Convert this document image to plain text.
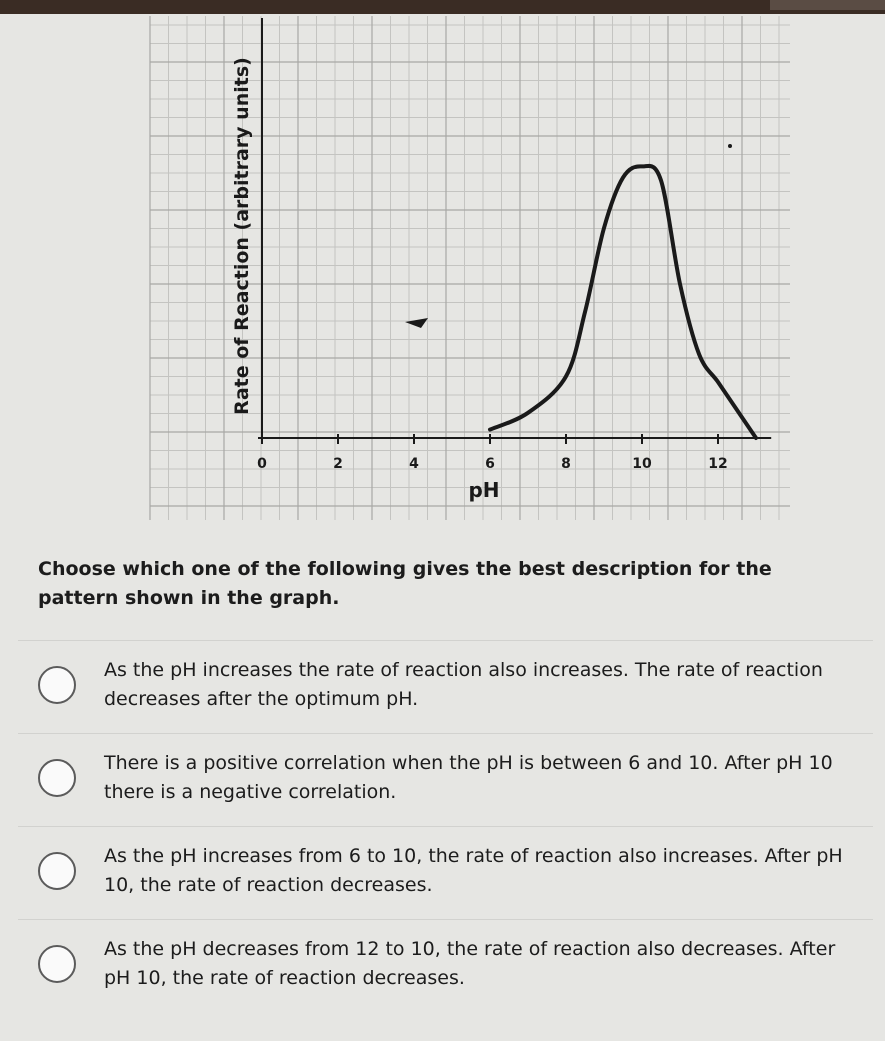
0	2	4	6	8	10	12
pH
Rate of Reaction (arbitrary units)
Choose which one of the following gives the best description for the pattern shown in the graph.
As the pH increases the rate of reaction also increases. The rate of reaction decreases after the optimum pH.
There is a positive correlation when the pH is between 6 and 10. After pH 10 there is a negative correlation.
As the pH increases from 6 to 10, the rate of reaction also increases. After pH 10, the rate of reaction decreases.
As the pH decreases from 12 to 10, the rate of reaction also decreases. After pH 10, the rate of reaction decreases.
